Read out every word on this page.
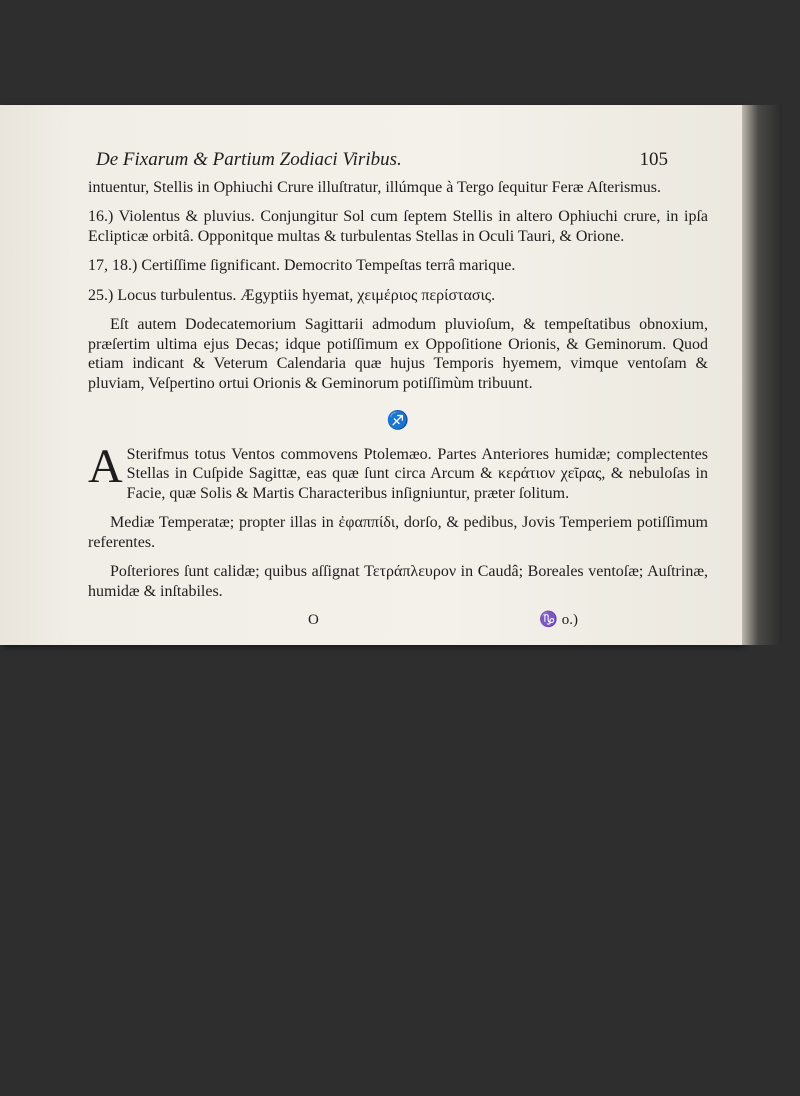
De Fixarum & Partium Zodiaci Viribus.	105

intuentur, Stellis in Ophiuchi Crure illuſtratur, illúmque à Tergo ſequitur Feræ Aſterismus.

16.) Violentus & pluvius. Conjungitur Sol cum ſeptem Stellis in altero Ophiuchi crure, in ipſa Eclipticæ orbitâ. Opponitque multas & turbulentas Stellas in Oculi Tauri, & Orione.

17, 18.) Certiſſime ſignificant. Democrito Tempeſtas terrâ marique.

25.) Locus turbulentus. Ægyptiis hyemat, χειμέριος περίστασις.

Eſt autem Dodecatemorium Sagittarii admodum pluvioſum, & tempeſtatibus obnoxium, præſertim ultima ejus Decas; idque potiſſimum ex Oppoſitione Orionis, & Geminorum. Quod etiam indicant & Veterum Calendaria quæ hujus Temporis hyemem, vimque ventoſam & pluviam, Veſpertino ortui Orionis & Geminorum potiſſimùm tribuunt.

♐

A Sterifmus totus Ventos commovens Ptolemæo. Partes Anteriores humidæ; complectentes Stellas in Cuſpide Sagittæ, eas quæ ſunt circa Arcum & κεράτιον χεῖρας, & nebuloſas in Facie, quæ Solis & Martis Characteribus inſigniuntur, præter ſolitum.

Mediæ Temperatæ; propter illas in ἐφαππίδι, dorſo, & pedibus, Jovis Temperiem potiſſimum referentes.

Poſteriores ſunt calidæ; quibus aſſignat Τετράπλευρον in Caudâ; Boreales ventoſæ; Auſtrinæ, humidæ & inſtabiles.

O	♑ o.)
